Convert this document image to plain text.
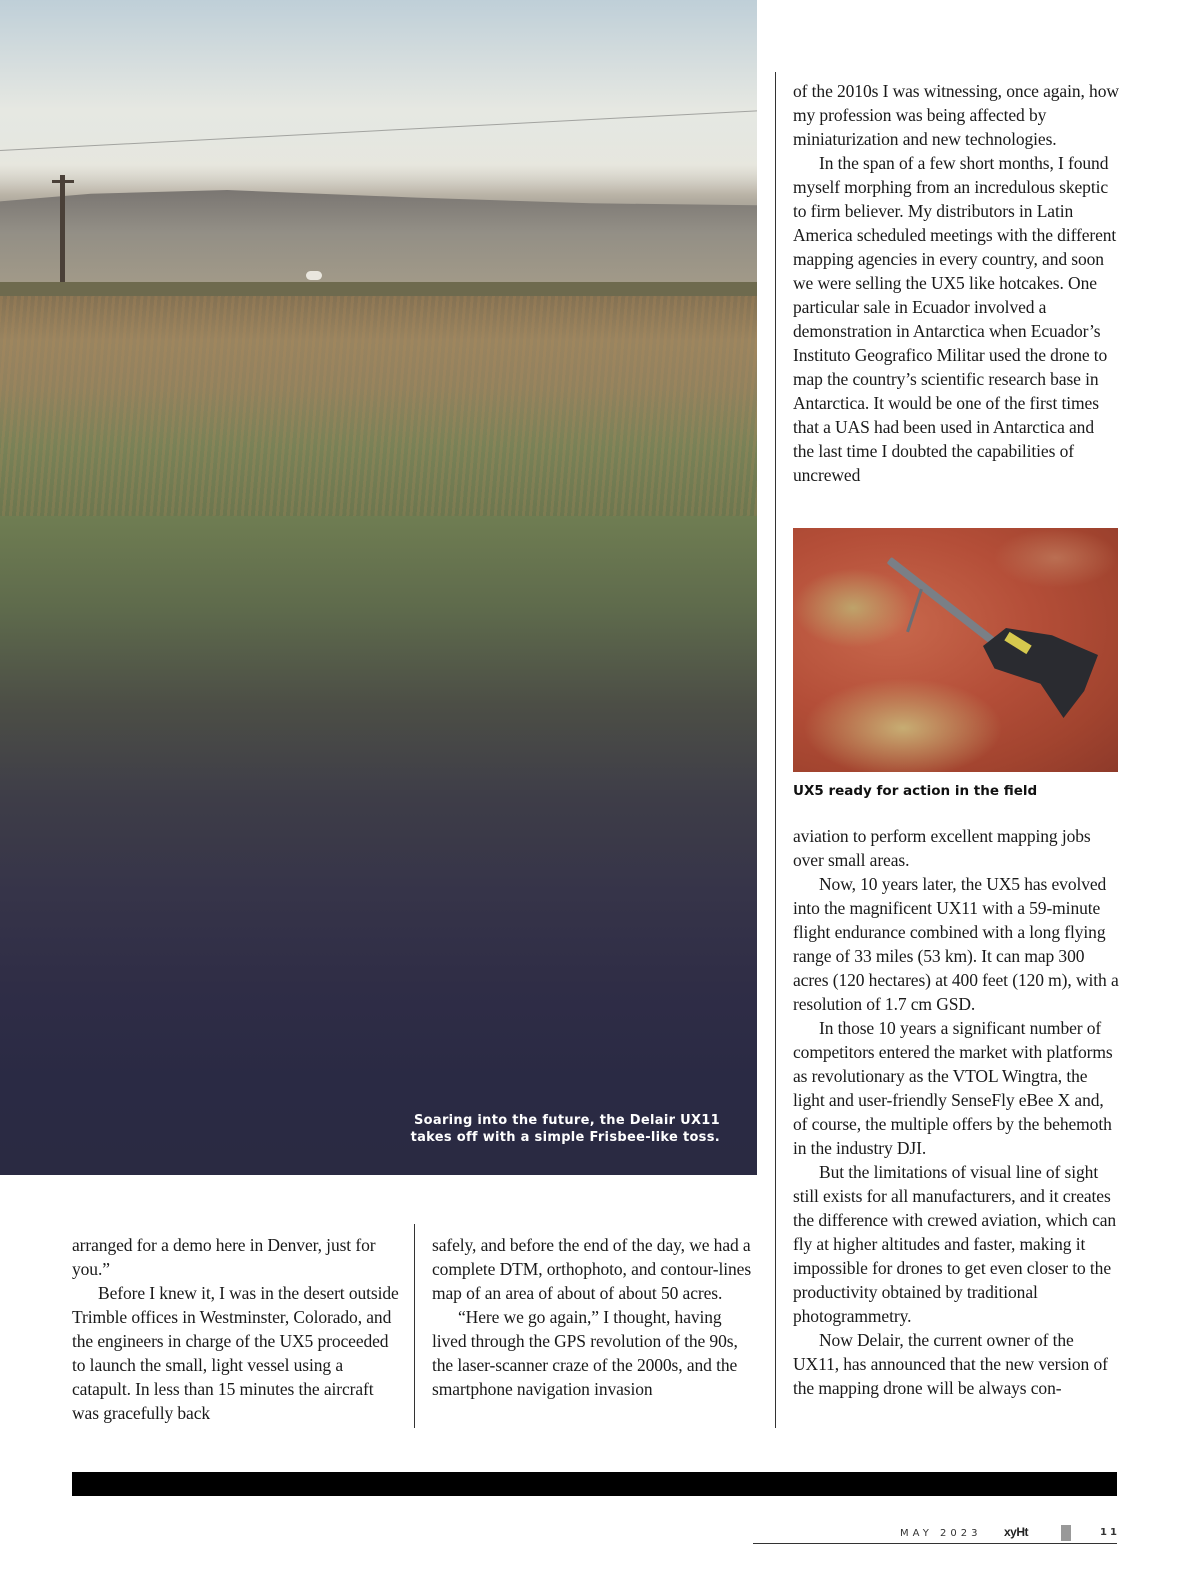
Soaring into the future, the Delair UX11
takes off with a simple Frisbee-like toss.

arranged for a demo here in Denver, just for you.”

Before I knew it, I was in the desert outside Trimble offices in Westminster, Colorado, and the engineers in charge of the UX5 proceeded to launch the small, light vessel using a catapult. In less than 15 minutes the aircraft was gracefully back

safely, and before the end of the day, we had a complete DTM, orthophoto, and contour-lines map of an area of about of about 50 acres.

“Here we go again,” I thought, having lived through the GPS revolution of the 90s, the laser-scanner craze of the 2000s, and the smartphone navigation invasion

of the 2010s I was witnessing, once again, how my profession was being affected by miniaturization and new technologies.

In the span of a few short months, I found myself morphing from an incredulous skeptic to firm believer. My distributors in Latin America scheduled meetings with the different mapping agencies in every country, and soon we were selling the UX5 like hotcakes. One particular sale in Ecuador involved a demonstration in Antarctica when Ecuador’s Instituto Geografico Militar used the drone to map the country’s scientific research base in Antarctica. It would be one of the first times that a UAS had been used in Antarctica and the last time I doubted the capabilities of uncrewed

UX5 ready for action in the field

aviation to perform excellent mapping jobs over small areas.

Now, 10 years later, the UX5 has evolved into the magnificent UX11 with a 59-minute flight endurance combined with a long flying range of 33 miles (53 km). It can map 300 acres (120 hectares) at 400 feet (120 m), with a resolution of 1.7 cm GSD.

In those 10 years a significant number of competitors entered the market with platforms as revolutionary as the VTOL Wingtra, the light and user-friendly SenseFly eBee X and, of course, the multiple offers by the behemoth in the industry DJI.

But the limitations of visual line of sight still exists for all manufacturers, and it creates the difference with crewed aviation, which can fly at higher altitudes and faster, making it impossible for drones to get even closer to the productivity obtained by traditional photogrammetry.

Now Delair, the current owner of the UX11, has announced that the new version of the mapping drone will be always con-

MAY 2023 xyHt	11
